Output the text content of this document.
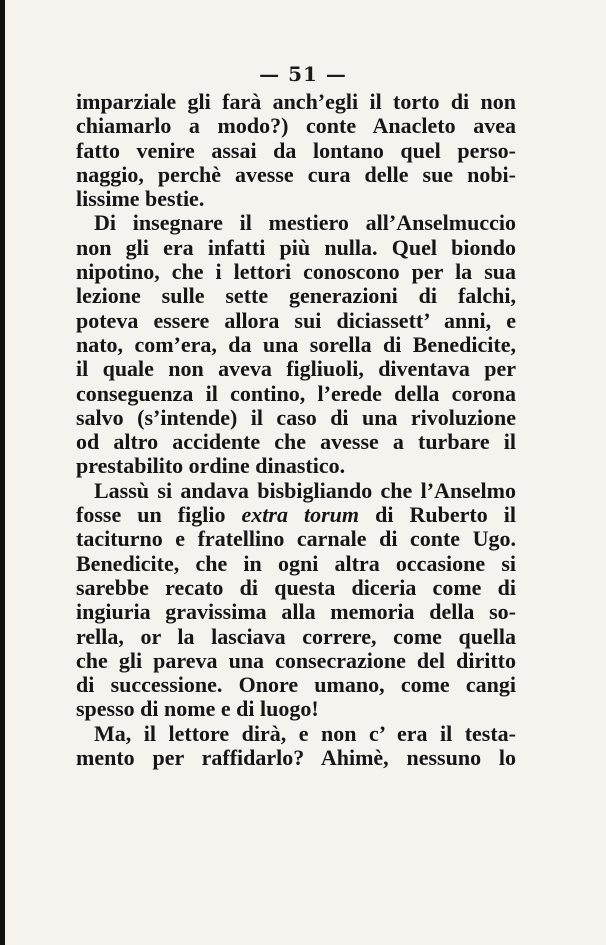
— 51 —
imparziale gli farà anch’egli il torto di non
chiamarlo a modo?) conte Anacleto avea
fatto venire assai da lontano quel perso-
naggio, perchè avesse cura delle sue nobi-
lissime bestie.
Di insegnare il mestiero all’Anselmuccio
non gli era infatti più nulla. Quel biondo
nipotino, che i lettori conoscono per la sua
lezione sulle sette generazioni di falchi,
poteva essere allora sui diciassett’ anni, e
nato, com’era, da una sorella di Benedicite,
il quale non aveva figliuoli, diventava per
conseguenza il contino, l’erede della corona
salvo (s’intende) il caso di una rivoluzione
od altro accidente che avesse a turbare il
prestabilito ordine dinastico.
Lassù si andava bisbigliando che l’Anselmo
fosse un figlio extra torum di Ruberto il
taciturno e fratellino carnale di conte Ugo.
Benedicite, che in ogni altra occasione si
sarebbe recato di questa diceria come di
ingiuria gravissima alla memoria della so-
rella, or la lasciava correre, come quella
che gli pareva una consecrazione del diritto
di successione. Onore umano, come cangi
spesso di nome e di luogo!
Ma, il lettore dirà, e non c’ era il testa-
mento per raffidarlo? Ahimè, nessuno lo
